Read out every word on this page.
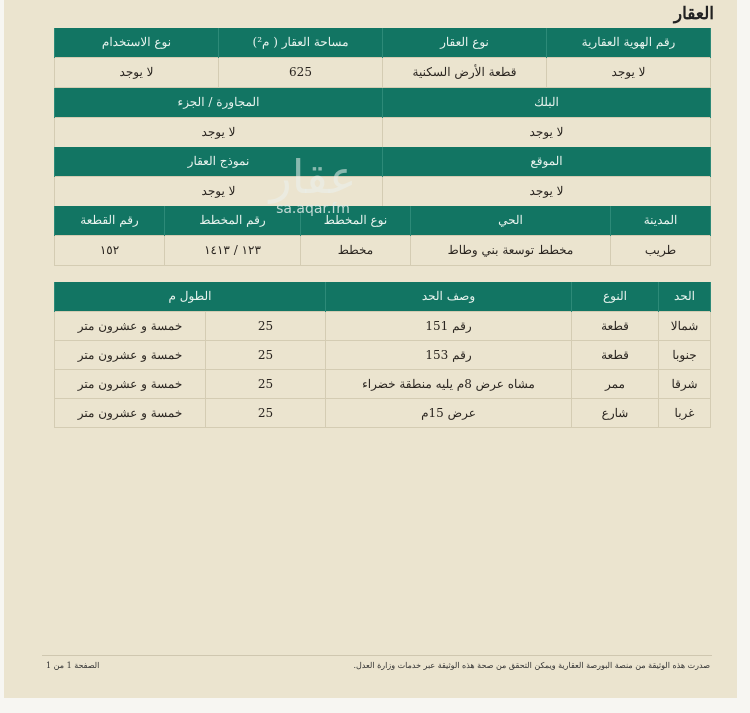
العقار
رقم الهوية العقارية	نوع العقار	مساحة العقار ( م²)	نوع الاستخدام
لا يوجد	قطعة الأرض السكنية	625	لا يوجد
البلك	المجاورة / الجزء
لا يوجد	لا يوجد
الموقع	نموذج العقار
لا يوجد	لا يوجد
المدينة	الحي	نوع المخطط	رقم المخطط	رقم القطعة
طريب	مخطط توسعة بني وطاط	مخطط	١٢٣ / ١٤١٣	١٥٢
الحد	النوع	وصف الحد	الطول م	
شمالا	قطعة	رقم 151	25	خمسة و عشرون متر
جنوبا	قطعة	رقم 153	25	خمسة و عشرون متر
شرقا	ممر	مشاه عرض 8م يليه منطقة خضراء	25	خمسة و عشرون متر
غربا	شارع	عرض 15م	25	خمسة و عشرون متر
عقار
sa.aqar.fm
صدرت هذه الوثيقة من منصة البورصة العقارية ويمكن التحقق من صحة هذه الوثيقة عبر خدمات وزارة العدل.
الصفحة 1 من 1
